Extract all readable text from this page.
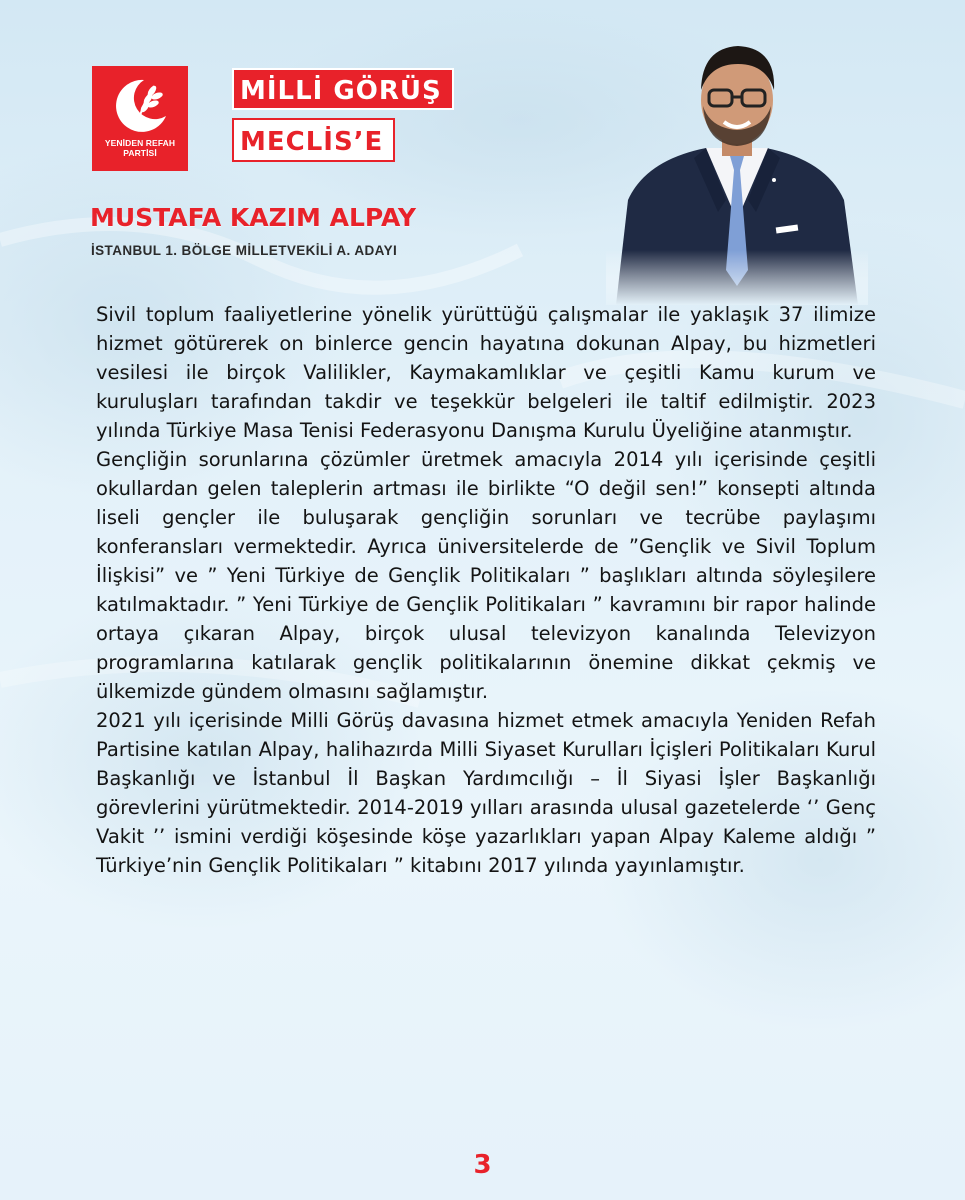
YENİDEN REFAH
PARTİSİ
MİLLİ GÖRÜŞ
MECLİS’E
MUSTAFA KAZIM ALPAY
İSTANBUL 1. BÖLGE MİLLETVEKİLİ A. ADAYI

Sivil toplum faaliyetlerine yönelik yürüttüğü çalışmalar ile yaklaşık 37 ilimize hizmet götürerek on binlerce gencin hayatına dokunan Alpay, bu hizmetleri vesilesi ile birçok Valilikler, Kaymakamlıklar ve çeşitli Kamu kurum ve kuruluşları tarafından takdir ve teşekkür belgeleri ile taltif edilmiştir. 2023 yılında Türkiye Masa Tenisi Federasyonu Danışma Kurulu Üyeliğine atanmıştır.

Gençliğin sorunlarına çözümler üretmek amacıyla 2014 yılı içerisinde çeşitli okullardan gelen taleplerin artması ile birlikte “O değil sen!” konsepti altında liseli gençler ile buluşarak gençliğin sorunları ve tecrübe paylaşımı konferansları vermektedir. Ayrıca üniversitelerde de ”Gençlik ve Sivil Toplum İlişkisi” ve ” Yeni Türkiye de Gençlik Politikaları ” başlıkları altında söyleşilere katılmaktadır. ” Yeni Türkiye de Gençlik Politikaları ” kavramını bir rapor halinde ortaya çıkaran Alpay, birçok ulusal televizyon kanalında Televizyon programlarına katılarak gençlik politikalarının önemine dikkat çekmiş ve ülkemizde gündem olmasını sağlamıştır.

2021 yılı içerisinde Milli Görüş davasına hizmet etmek amacıyla Yeniden Refah Partisine katılan Alpay, halihazırda Milli Siyaset Kurulları İçişleri Politikaları Kurul Başkanlığı ve İstanbul İl Başkan Yardımcılığı – İl Siyasi İşler Başkanlığı görevlerini yürütmektedir. 2014-2019 yılları arasında ulusal gazetelerde ‘’ Genç Vakit ’’ ismini verdiği köşesinde köşe yazarlıkları yapan Alpay Kaleme aldığı ” Türkiye’nin Gençlik Politikaları ” kitabını 2017 yılında yayınlamıştır.

3
